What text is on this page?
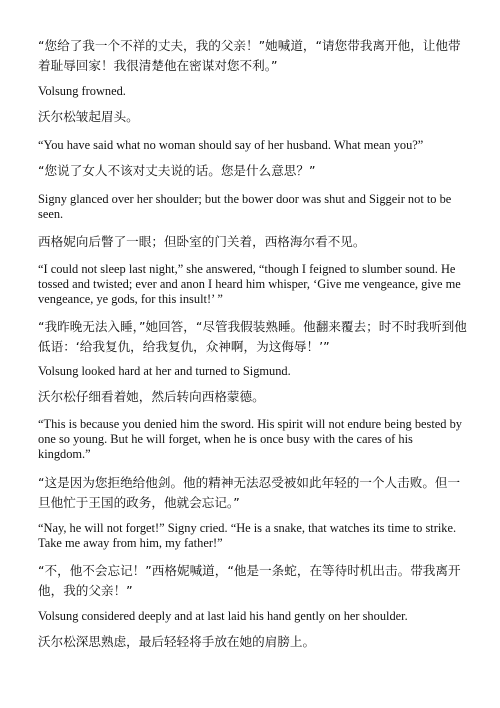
“您给了我一个不祥的丈夫，我的父亲！”她喊道，“请您带我离开他，让他带着耻辱回家！我很清楚他在密谋对您不利。”

Volsung frowned.

沃尔松皱起眉头。

“You have said what no woman should say of her husband. What mean you?”

“您说了女人不该对丈夫说的话。您是什么意思？”

Signy glanced over her shoulder; but the bower door was shut and Siggeir not to be seen.

西格妮向后瞥了一眼；但卧室的门关着，西格海尔看不见。

“I could not sleep last night,” she answered, “though I feigned to slumber sound. He tossed and twisted; ever and anon I heard him whisper, ‘Give me vengeance, give me vengeance, ye gods, for this insult!’ ”

“我昨晚无法入睡，”她回答，“尽管我假装熟睡。他翻来覆去；时不时我听到他低语：‘给我复仇，给我复仇，众神啊，为这侮辱！’”

Volsung looked hard at her and turned to Sigmund.

沃尔松仔细看着她，然后转向西格蒙德。

“This is because you denied him the sword. His spirit will not endure being bested by one so young. But he will forget, when he is once busy with the cares of his kingdom.”

“这是因为您拒绝给他剑。他的精神无法忍受被如此年轻的一个人击败。但一旦他忙于王国的政务，他就会忘记。”

“Nay, he will not forget!” Signy cried. “He is a snake, that watches its time to strike. Take me away from him, my father!”

“不，他不会忘记！”西格妮喊道，“他是一条蛇，在等待时机出击。带我离开他，我的父亲！”

Volsung considered deeply and at last laid his hand gently on her shoulder.

沃尔松深思熟虑，最后轻轻将手放在她的肩膀上。
